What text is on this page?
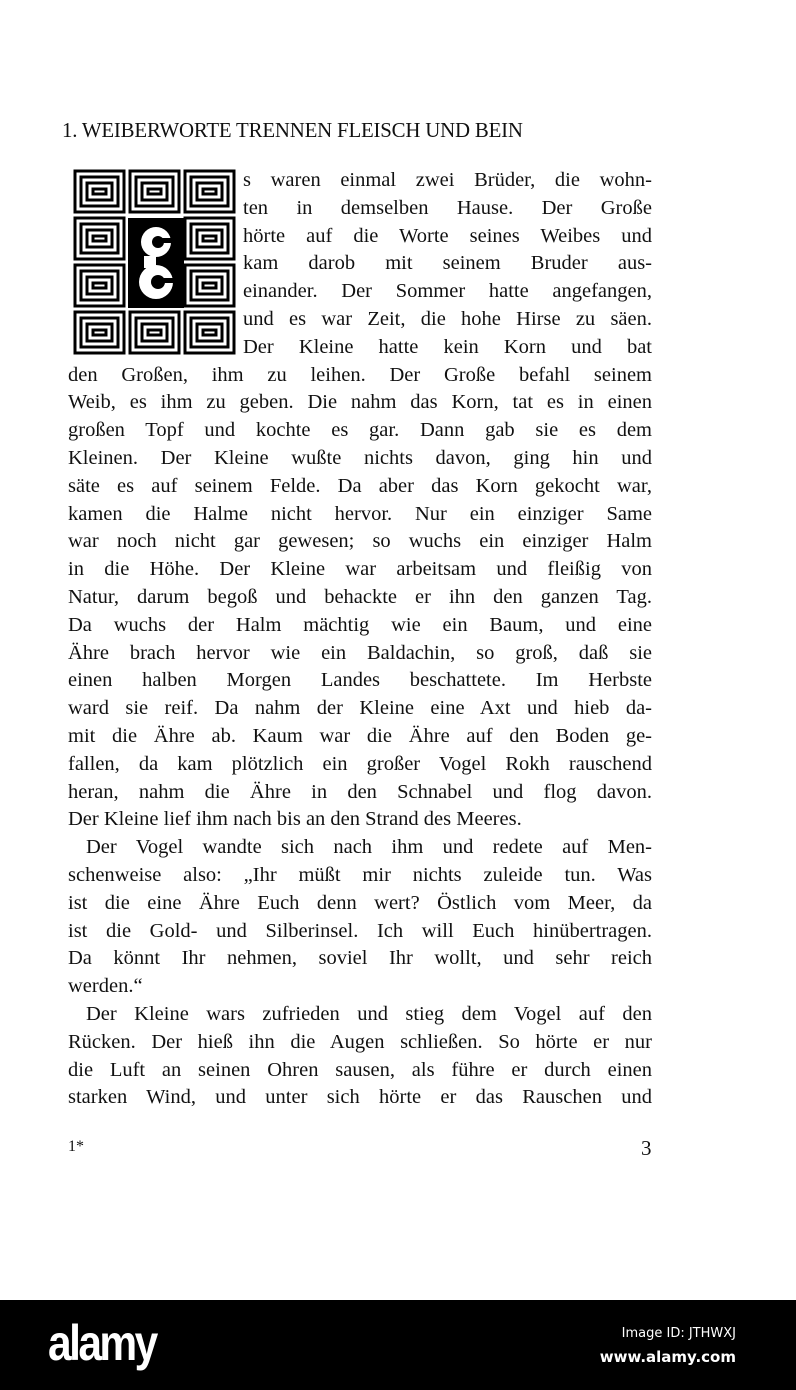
1. WEIBERWORTE TRENNEN FLEISCH UND BEIN
s waren einmal zwei Brüder, die wohn-
ten in demselben Hause. Der Große
hörte auf die Worte seines Weibes und
kam darob mit seinem Bruder aus-
einander. Der Sommer hatte angefangen,
und es war Zeit, die hohe Hirse zu säen.
Der Kleine hatte kein Korn und bat
den Großen, ihm zu leihen. Der Große befahl seinem
Weib, es ihm zu geben. Die nahm das Korn, tat es in einen
großen Topf und kochte es gar. Dann gab sie es dem
Kleinen. Der Kleine wußte nichts davon, ging hin und
säte es auf seinem Felde. Da aber das Korn gekocht war,
kamen die Halme nicht hervor. Nur ein einziger Same
war noch nicht gar gewesen; so wuchs ein einziger Halm
in die Höhe. Der Kleine war arbeitsam und fleißig von
Natur, darum begoß und behackte er ihn den ganzen Tag.
Da wuchs der Halm mächtig wie ein Baum, und eine
Ähre brach hervor wie ein Baldachin, so groß, daß sie
einen halben Morgen Landes beschattete. Im Herbste
ward sie reif. Da nahm der Kleine eine Axt und hieb da-
mit die Ähre ab. Kaum war die Ähre auf den Boden ge-
fallen, da kam plötzlich ein großer Vogel Rokh rauschend
heran, nahm die Ähre in den Schnabel und flog davon.
Der Kleine lief ihm nach bis an den Strand des Meeres.
Der Vogel wandte sich nach ihm und redete auf Men-
schenweise also: „Ihr müßt mir nichts zuleide tun. Was
ist die eine Ähre Euch denn wert? Östlich vom Meer, da
ist die Gold- und Silberinsel. Ich will Euch hinübertragen.
Da könnt Ihr nehmen, soviel Ihr wollt, und sehr reich
werden.“
Der Kleine wars zufrieden und stieg dem Vogel auf den
Rücken. Der hieß ihn die Augen schließen. So hörte er nur
die Luft an seinen Ohren sausen, als führe er durch einen
starken Wind, und unter sich hörte er das Rauschen und
1*	3
alamy	Image ID: JTHWXJ
www.alamy.com
